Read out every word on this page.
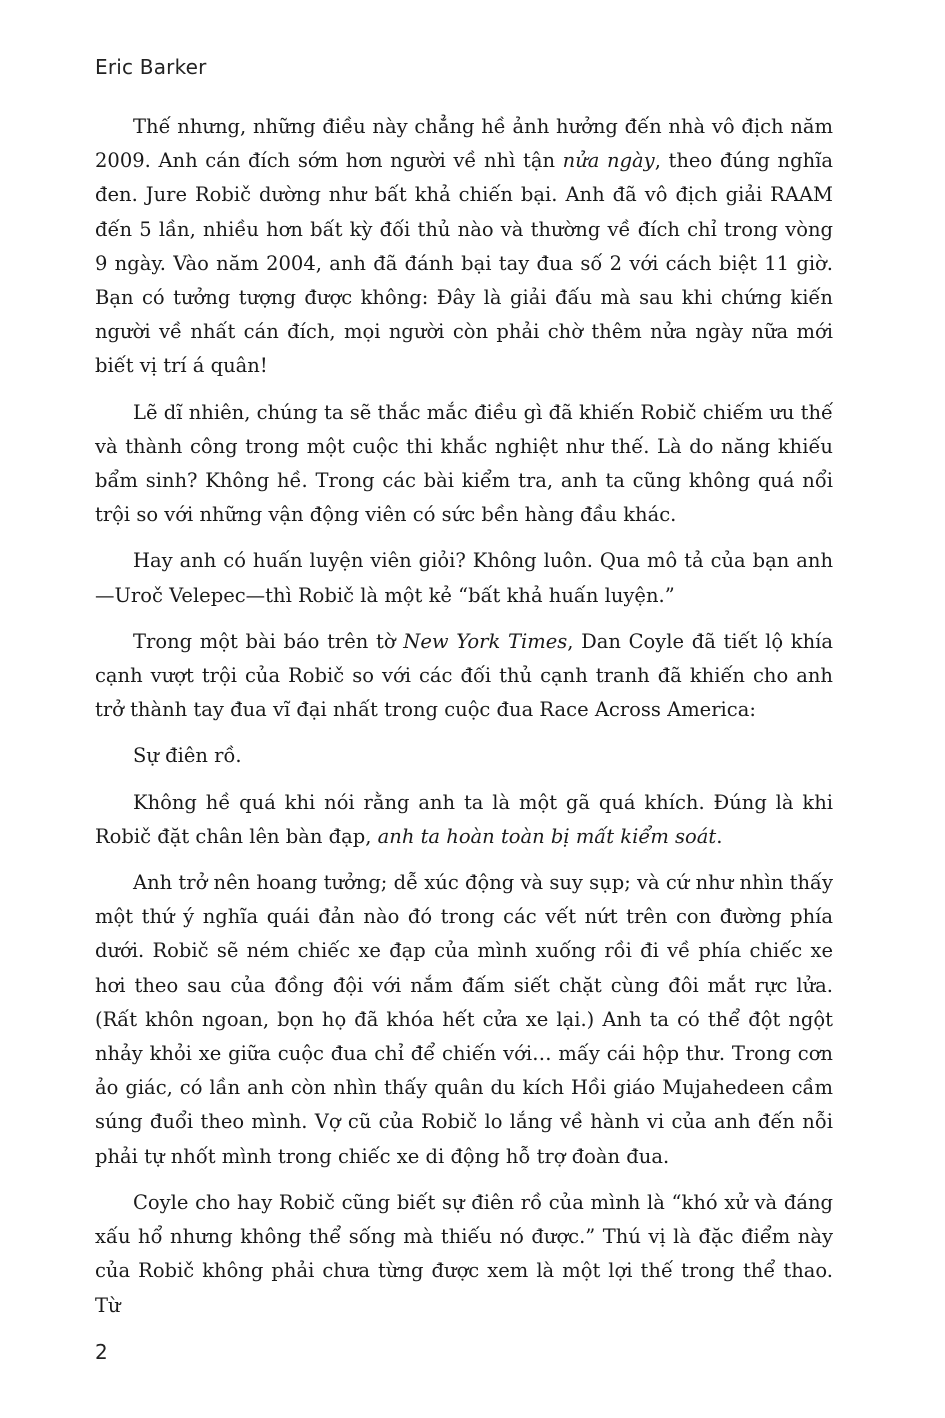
Eric Barker

Thế nhưng, những điều này chẳng hề ảnh hưởng đến nhà vô địch năm 2009. Anh cán đích sớm hơn người về nhì tận nửa ngày, theo đúng nghĩa đen. Jure Robič dường như bất khả chiến bại. Anh đã vô địch giải RAAM đến 5 lần, nhiều hơn bất kỳ đối thủ nào và thường về đích chỉ trong vòng 9 ngày. Vào năm 2004, anh đã đánh bại tay đua số 2 với cách biệt 11 giờ. Bạn có tưởng tượng được không: Đây là giải đấu mà sau khi chứng kiến người về nhất cán đích, mọi người còn phải chờ thêm nửa ngày nữa mới biết vị trí á quân!

Lẽ dĩ nhiên, chúng ta sẽ thắc mắc điều gì đã khiến Robič chiếm ưu thế và thành công trong một cuộc thi khắc nghiệt như thế. Là do năng khiếu bẩm sinh? Không hề. Trong các bài kiểm tra, anh ta cũng không quá nổi trội so với những vận động viên có sức bền hàng đầu khác.

Hay anh có huấn luyện viên giỏi? Không luôn. Qua mô tả của bạn anh—Uroč Velepec—thì Robič là một kẻ “bất khả huấn luyện.”

Trong một bài báo trên tờ New York Times, Dan Coyle đã tiết lộ khía cạnh vượt trội của Robič so với các đối thủ cạnh tranh đã khiến cho anh trở thành tay đua vĩ đại nhất trong cuộc đua Race Across America:

Sự điên rồ.

Không hề quá khi nói rằng anh ta là một gã quá khích. Đúng là khi Robič đặt chân lên bàn đạp, anh ta hoàn toàn bị mất kiểm soát.

Anh trở nên hoang tưởng; dễ xúc động và suy sụp; và cứ như nhìn thấy một thứ ý nghĩa quái đản nào đó trong các vết nứt trên con đường phía dưới. Robič sẽ ném chiếc xe đạp của mình xuống rồi đi về phía chiếc xe hơi theo sau của đồng đội với nắm đấm siết chặt cùng đôi mắt rực lửa. (Rất khôn ngoan, bọn họ đã khóa hết cửa xe lại.) Anh ta có thể đột ngột nhảy khỏi xe giữa cuộc đua chỉ để chiến với… mấy cái hộp thư. Trong cơn ảo giác, có lần anh còn nhìn thấy quân du kích Hồi giáo Mujahedeen cầm súng đuổi theo mình. Vợ cũ của Robič lo lắng về hành vi của anh đến nỗi phải tự nhốt mình trong chiếc xe di động hỗ trợ đoàn đua.

Coyle cho hay Robič cũng biết sự điên rồ của mình là “khó xử và đáng xấu hổ nhưng không thể sống mà thiếu nó được.” Thú vị là đặc điểm này của Robič không phải chưa từng được xem là một lợi thế trong thể thao. Từ

2
